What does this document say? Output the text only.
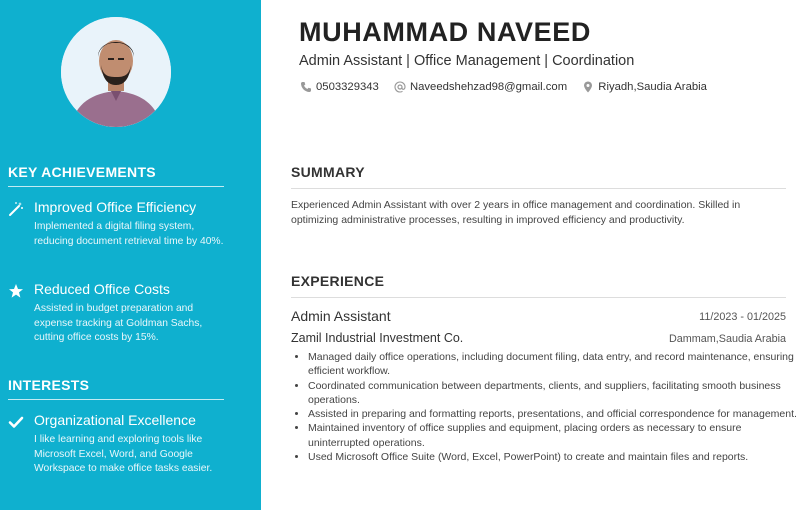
KEY ACHIEVEMENTS
Improved Office Efficiency
Implemented a digital filing system, reducing document retrieval time by 40%.
Reduced Office Costs
Assisted in budget preparation and expense tracking at Goldman Sachs, cutting office costs by 15%.
INTERESTS
Organizational Excellence
I like learning and exploring tools like Microsoft Excel, Word, and Google Workspace to make office tasks easier.
MUHAMMAD NAVEED
Admin Assistant | Office Management | Coordination
0503329343
	Naveedshehzad98@gmail.com
	Riyadh,Saudia Arabia
SUMMARY

Experienced Admin Assistant with over 2 years in office management and coordination. Skilled in optimizing administrative processes, resulting in improved efficiency and productivity.

EXPERIENCE
Admin Assistant	11/2023 - 01/2025
Zamil Industrial Investment Co.	Dammam,Saudia Arabia
• Managed daily office operations, including document filing, data entry, and record maintenance, ensuring efficient workflow.
• Coordinated communication between departments, clients, and suppliers, facilitating smooth business operations.
• Assisted in preparing and formatting reports, presentations, and official correspondence for management.
• Maintained inventory of office supplies and equipment, placing orders as necessary to ensure uninterrupted operations.
• Used Microsoft Office Suite (Word, Excel, PowerPoint) to create and maintain files and reports.
